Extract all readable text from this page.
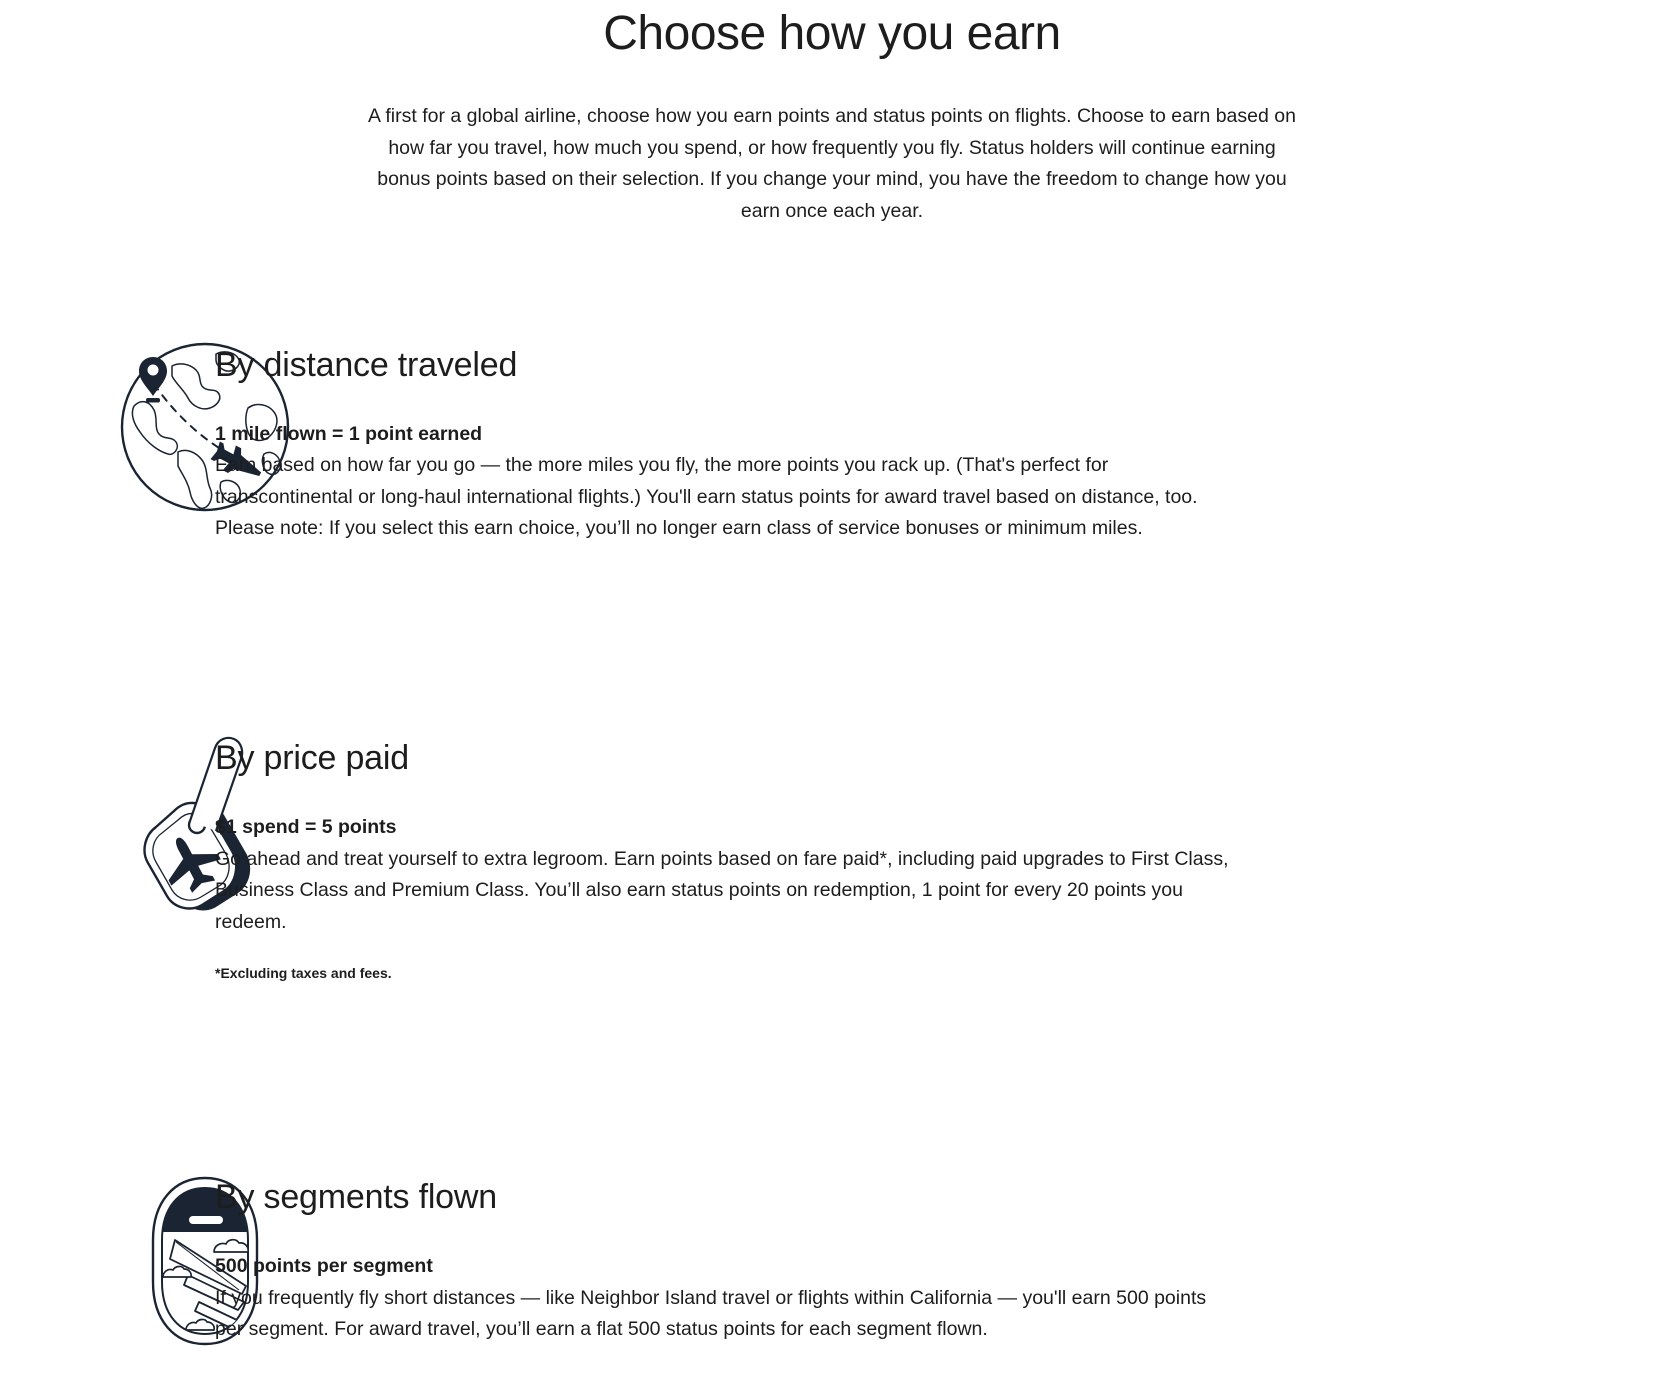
Choose how you earn

A first for a global airline, choose how you earn points and status points on flights. Choose to earn based on how far you travel, how much you spend, or how frequently you fly. Status holders will continue earning bonus points based on their selection. If you change your mind, you have the freedom to change how you earn once each year.

By distance traveled

1 mile flown = 1 point earned

Earn based on how far you go — the more miles you fly, the more points you rack up. (That's perfect for transcontinental or long-haul international flights.) You'll earn status points for award travel based on distance, too. Please note: If you select this earn choice, you’ll no longer earn class of service bonuses or minimum miles.

By price paid

$1 spend = 5 points

Go ahead and treat yourself to extra legroom. Earn points based on fare paid*, including paid upgrades to First Class, Business Class and Premium Class. You’ll also earn status points on redemption, 1 point for every 20 points you redeem.

*Excluding taxes and fees.

By segments flown

500 points per segment

If you frequently fly short distances — like Neighbor Island travel or flights within California — you'll earn 500 points per segment. For award travel, you’ll earn a flat 500 status points for each segment flown.
